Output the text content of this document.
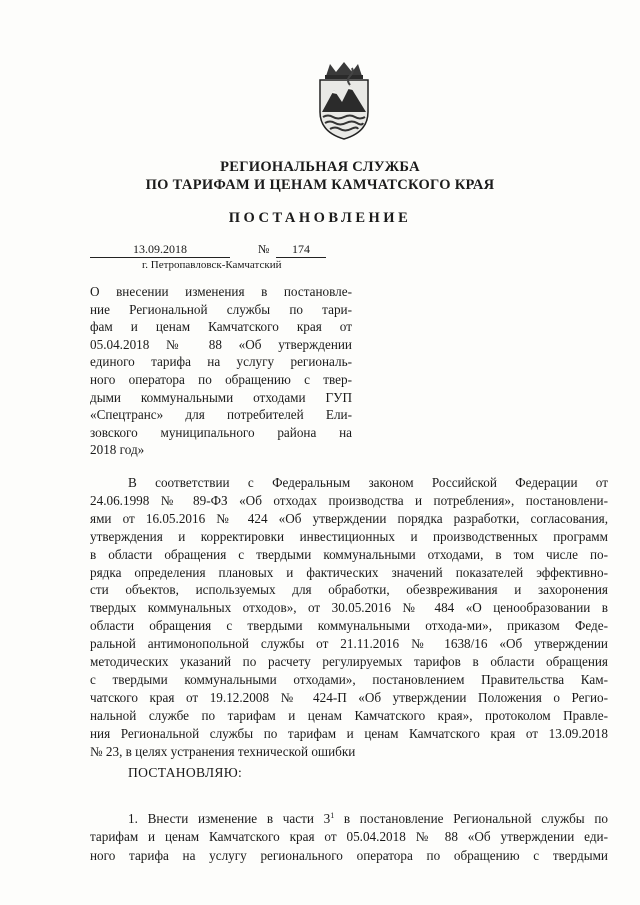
РЕГИОНАЛЬНАЯ СЛУЖБА
ПО ТАРИФАМ И ЦЕНАМ КАМЧАТСКОГО КРАЯ
ПОСТАНОВЛЕНИЕ
13.09.2018	№	174
г. Петропавловск-Камчатский
О внесении изменения в постановле-
ние Региональной службы по тари-
фам и ценам Камчатского края от
05.04.2018 № 88 «Об утверждении
единого тарифа на услугу региональ-
ного оператора по обращению с твер-
дыми коммунальными отходами ГУП
«Спецтранс» для потребителей Ели-
зовского муниципального района на
2018 год»
В соответствии с Федеральным законом Российской Федерации от
24.06.1998 № 89-ФЗ «Об отходах производства и потребления», постановлени-
ями от 16.05.2016 № 424 «Об утверждении порядка разработки, согласования,
утверждения и корректировки инвестиционных и производственных программ
в области обращения с твердыми коммунальными отходами, в том числе по-
рядка определения плановых и фактических значений показателей эффективно-
сти объектов, используемых для обработки, обезвреживания и захоронения
твердых коммунальных отходов», от 30.05.2016 № 484 «О ценообразовании в
области обращения с твердыми коммунальными отхода-ми», приказом Феде-
ральной антимонопольной службы от 21.11.2016 № 1638/16 «Об утверждении
методических указаний по расчету регулируемых тарифов в области обращения
с твердыми коммунальными отходами», постановлением Правительства Кам-
чатского края от 19.12.2008 № 424-П «Об утверждении Положения о Регио-
нальной службе по тарифам и ценам Камчатского края», протоколом Правле-
ния Региональной службы по тарифам и ценам Камчатского края от 13.09.2018
№ 23, в целях устранения технической ошибки
ПОСТАНОВЛЯЮ:
1. Внести изменение в части $3^1$ в постановление Региональной службы по
тарифам и ценам Камчатского края от 05.04.2018 № 88 «Об утверждении еди-
ного тарифа на услугу регионального оператора по обращению с твердыми
